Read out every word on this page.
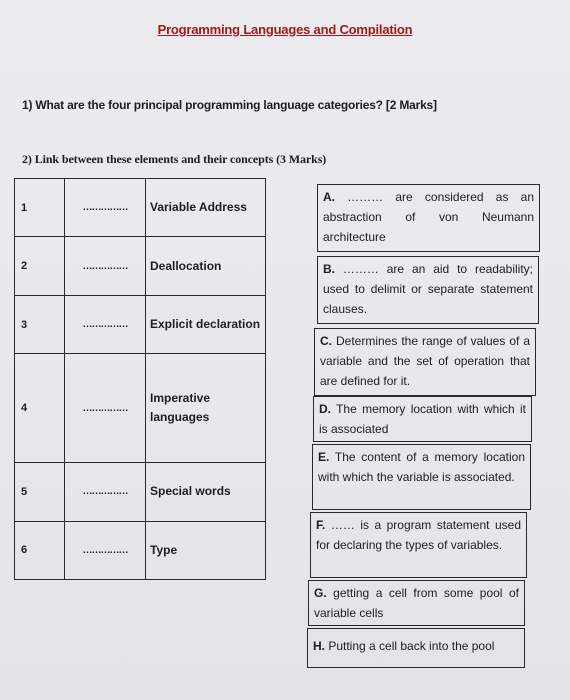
Programming Languages and Compilation
1) What are the four principal programming language categories? [2 Marks]
2) Link between these elements and their concepts (3 Marks)
1	……………	Variable Address
2	……………	Deallocation
3	……………	Explicit declaration
4	……………	Imperative languages
5	……………	Special words
6	……………	Type
A. ……… are considered as an abstraction of von Neumann architecture
B. ……… are an aid to readability; used to delimit or separate statement clauses.
C. Determines the range of values of a variable and the set of operation that are defined for it.
D. The memory location with which it is associated
E. The content of a memory location with which the variable is associated.
F. …… is a program statement used for declaring the types of variables.
G. getting a cell from some pool of variable cells
H. Putting a cell back into the pool
